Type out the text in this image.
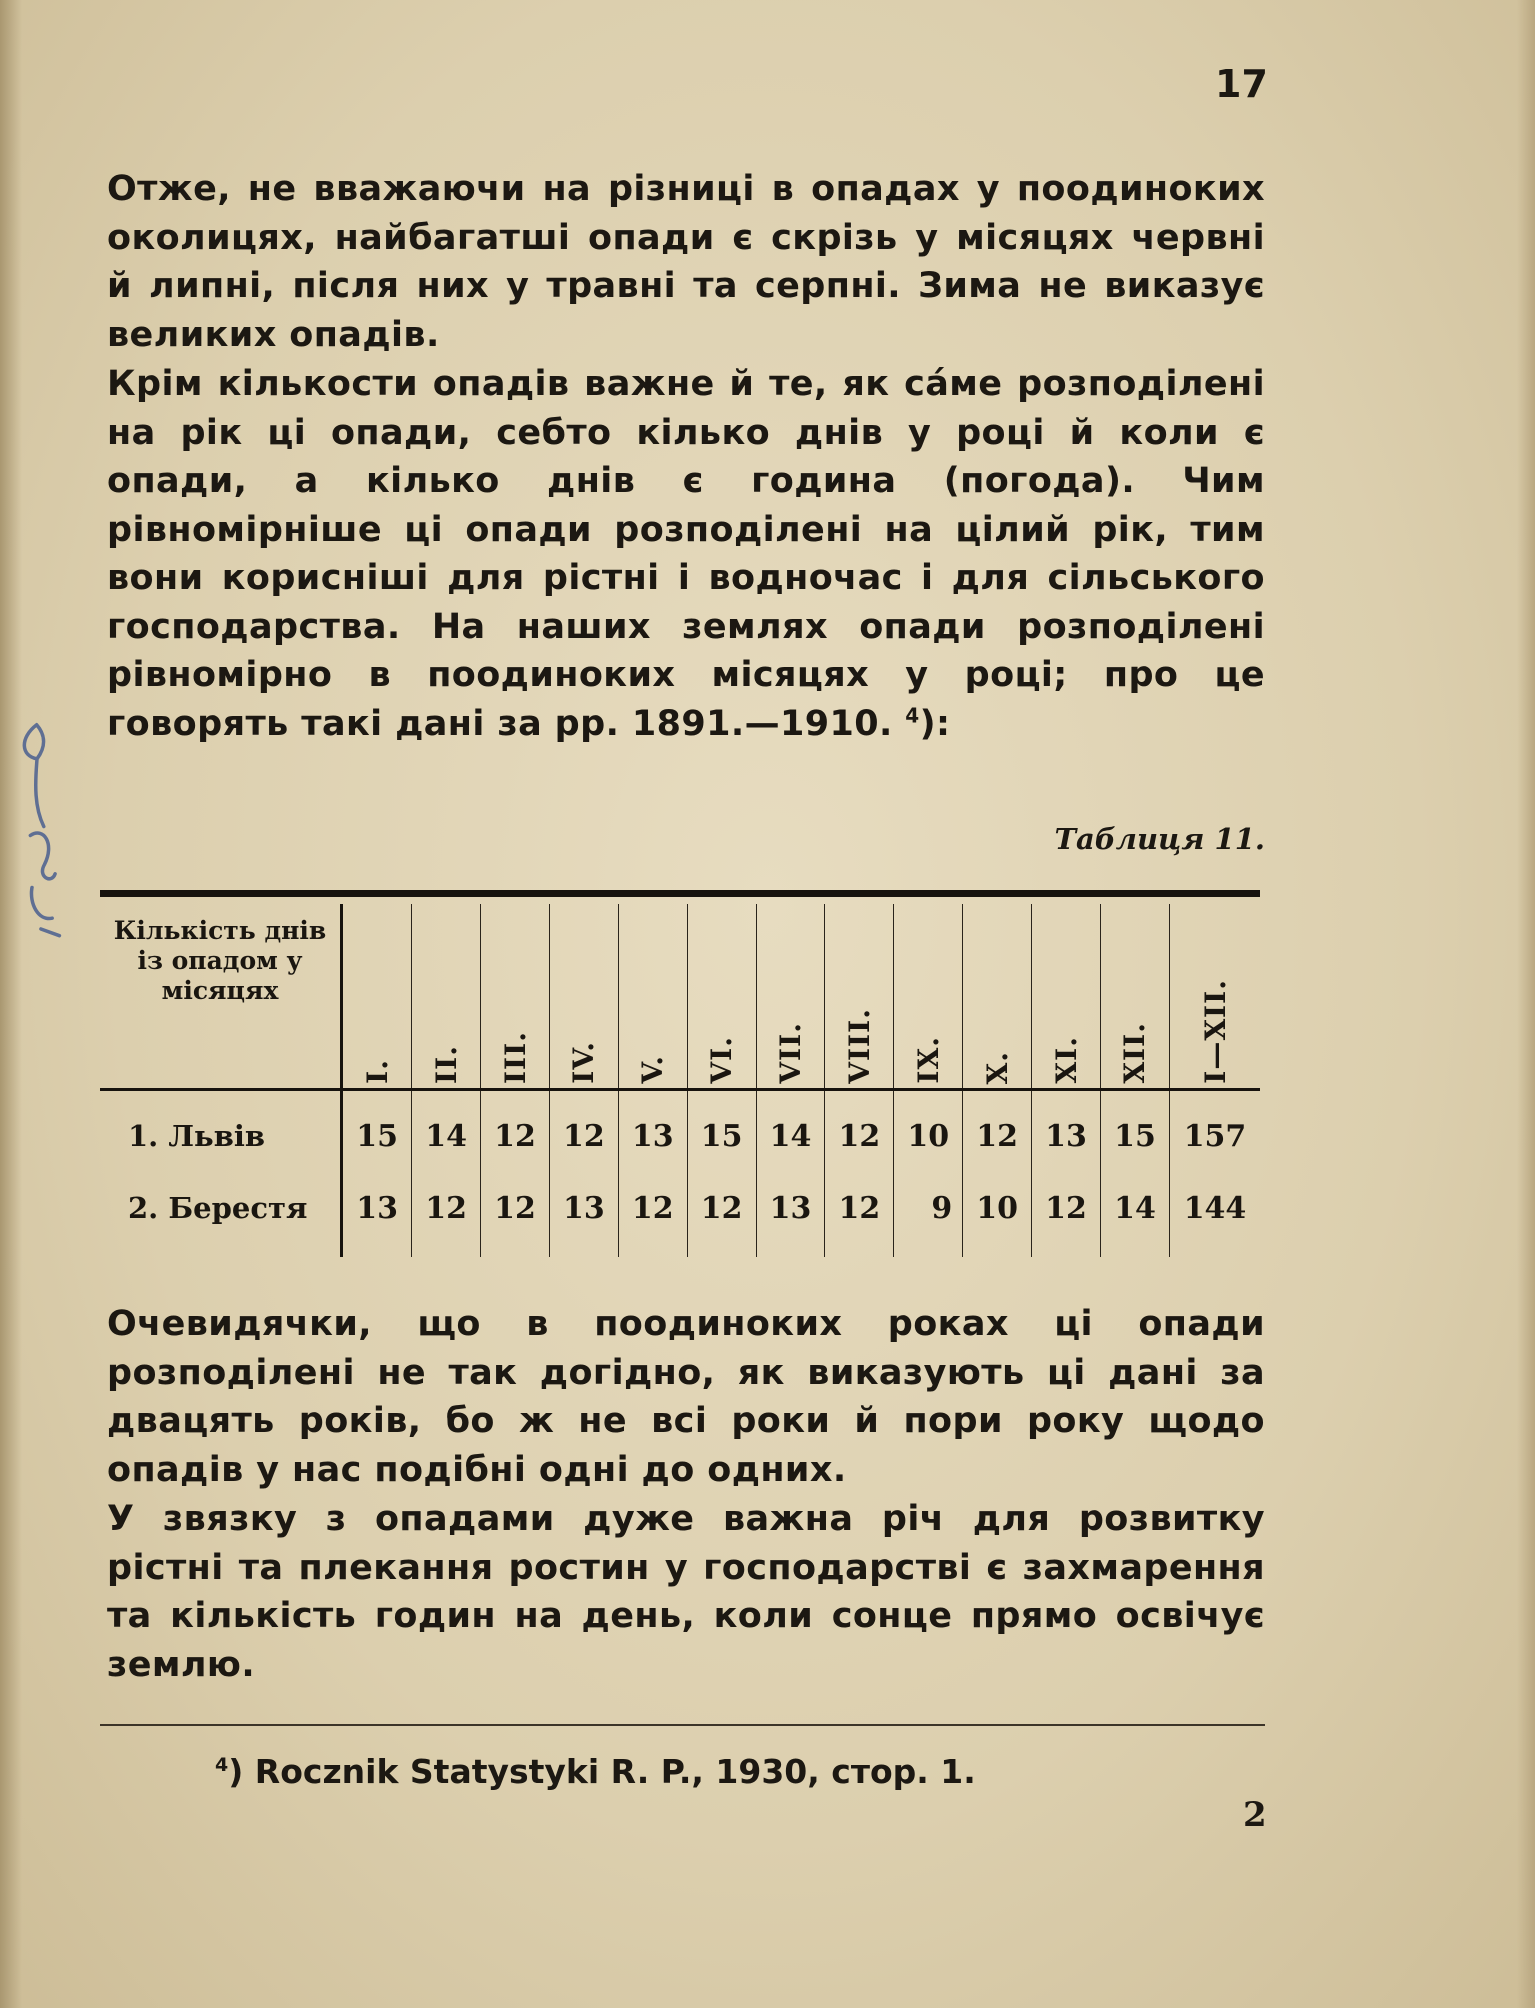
17

Отже, не вважаючи на різниці в опадах у поодиноких околицях, найбагатші опади є скрізь у місяцях червні й липні, після них у травні та серпні. Зима не виказує великих опадів.

Крім кількости опадів важне й те, як са́ме розподілені на рік ці опади, себто кілько днів у році й коли є опади, а кілько днів є година (погода). Чим рівномірніше ці опади розподілені на цілий рік, тим вони корисніші для рістні і водночас і для сільського господарства. На наших землях опади розподілені рівномірно в поодиноких місяцях у році; про це говорять такі дані за рр. 1891.—1910. $^4$):

Таблиця 11.
Кількість днів із опадом у місяцях	I.	II.	III.	IV.	V.	VI.	VII.	VIII.	IX.	X.	XI.	XII.	I—XII.
1. Львів	15	14	12	12	13	15	14	12	10	12	13	15	157
2. Берестя	13	12	12	13	12	12	13	12	9	10	12	14	144

Очевидячки, що в поодиноких роках ці опади розподілені не так догідно, як виказують ці дані за двацять років, бо ж не всі роки й пори року щодо опадів у нас подібні одні до одних.

У звязку з опадами дуже важна річ для розвитку рістні та плекання ростин у господарстві є захмарення та кількість годин на день, коли сонце прямо освічує землю.

$^4$) Rocznik Statystyki R. P., 1930, стор. 1.

2
